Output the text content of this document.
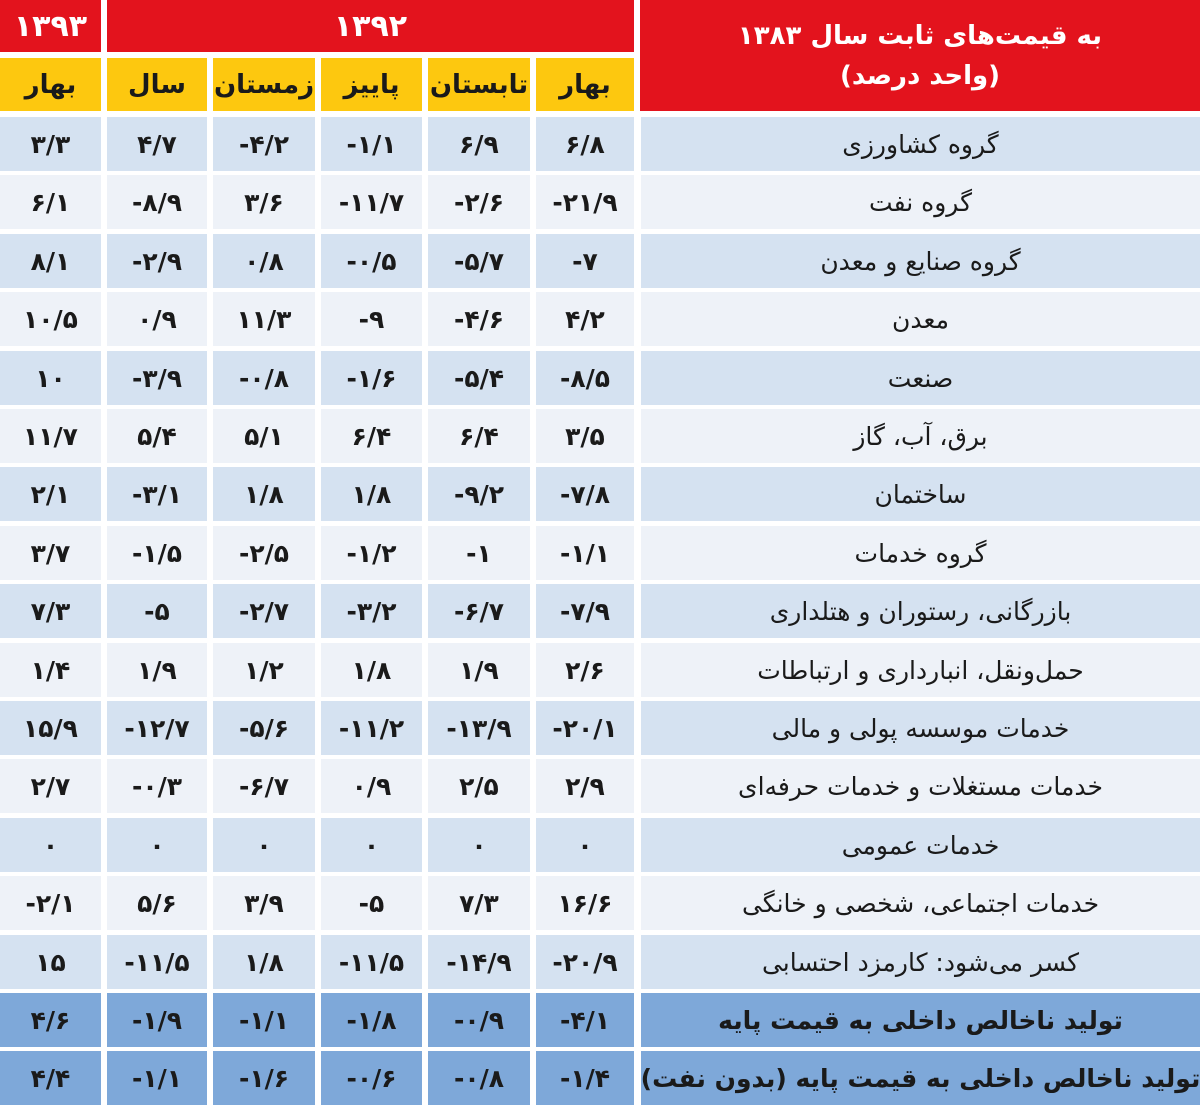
به قیمت‌های ثابت سال ۱۳۸۳
(واحد درصد)
۱۳۹۲
۱۳۹۳
بهار
تابستان
پاییز
زمستان
سال
بهار
گروه کشاورزی
۶/۸
۶/۹
-۱/۱
-۴/۲
۴/۷
۳/۳
گروه نفت
-۲۱/۹
-۲/۶
-۱۱/۷
۳/۶
-۸/۹
۶/۱
گروه صنایع و معدن
-۷
-۵/۷
-۰/۵
۰/۸
-۲/۹
۸/۱
معدن
۴/۲
-۴/۶
-۹
۱۱/۳
۰/۹
۱۰/۵
صنعت
-۸/۵
-۵/۴
-۱/۶
-۰/۸
-۳/۹
۱۰
برق، آب، گاز
۳/۵
۶/۴
۶/۴
۵/۱
۵/۴
۱۱/۷
ساختمان
-۷/۸
-۹/۲
۱/۸
۱/۸
-۳/۱
۲/۱
گروه خدمات
-۱/۱
-۱
-۱/۲
-۲/۵
-۱/۵
۳/۷
بازرگانی، رستوران و هتلداری
-۷/۹
-۶/۷
-۳/۲
-۲/۷
-۵
۷/۳
حمل‌ونقل، انبارداری و ارتباطات
۲/۶
۱/۹
۱/۸
۱/۲
۱/۹
۱/۴
خدمات موسسه پولی و مالی
-۲۰/۱
-۱۳/۹
-۱۱/۲
-۵/۶
-۱۲/۷
۱۵/۹
خدمات مستغلات و خدمات حرفه‌ای
۲/۹
۲/۵
۰/۹
-۶/۷
-۰/۳
۲/۷
خدمات عمومی
۰
۰
۰
۰
۰
۰
خدمات اجتماعی، شخصی و خانگی
۱۶/۶
۷/۳
-۵
۳/۹
۵/۶
-۲/۱
کسر می‌شود: کارمزد احتسابی
-۲۰/۹
-۱۴/۹
-۱۱/۵
۱/۸
-۱۱/۵
۱۵
تولید ناخالص داخلی به قیمت پایه
-۴/۱
-۰/۹
-۱/۸
-۱/۱
-۱/۹
۴/۶
(تولید ناخالص داخلی به قیمت پایه (بدون نفت
-۱/۴
-۰/۸
-۰/۶
-۱/۶
-۱/۱
۴/۴
